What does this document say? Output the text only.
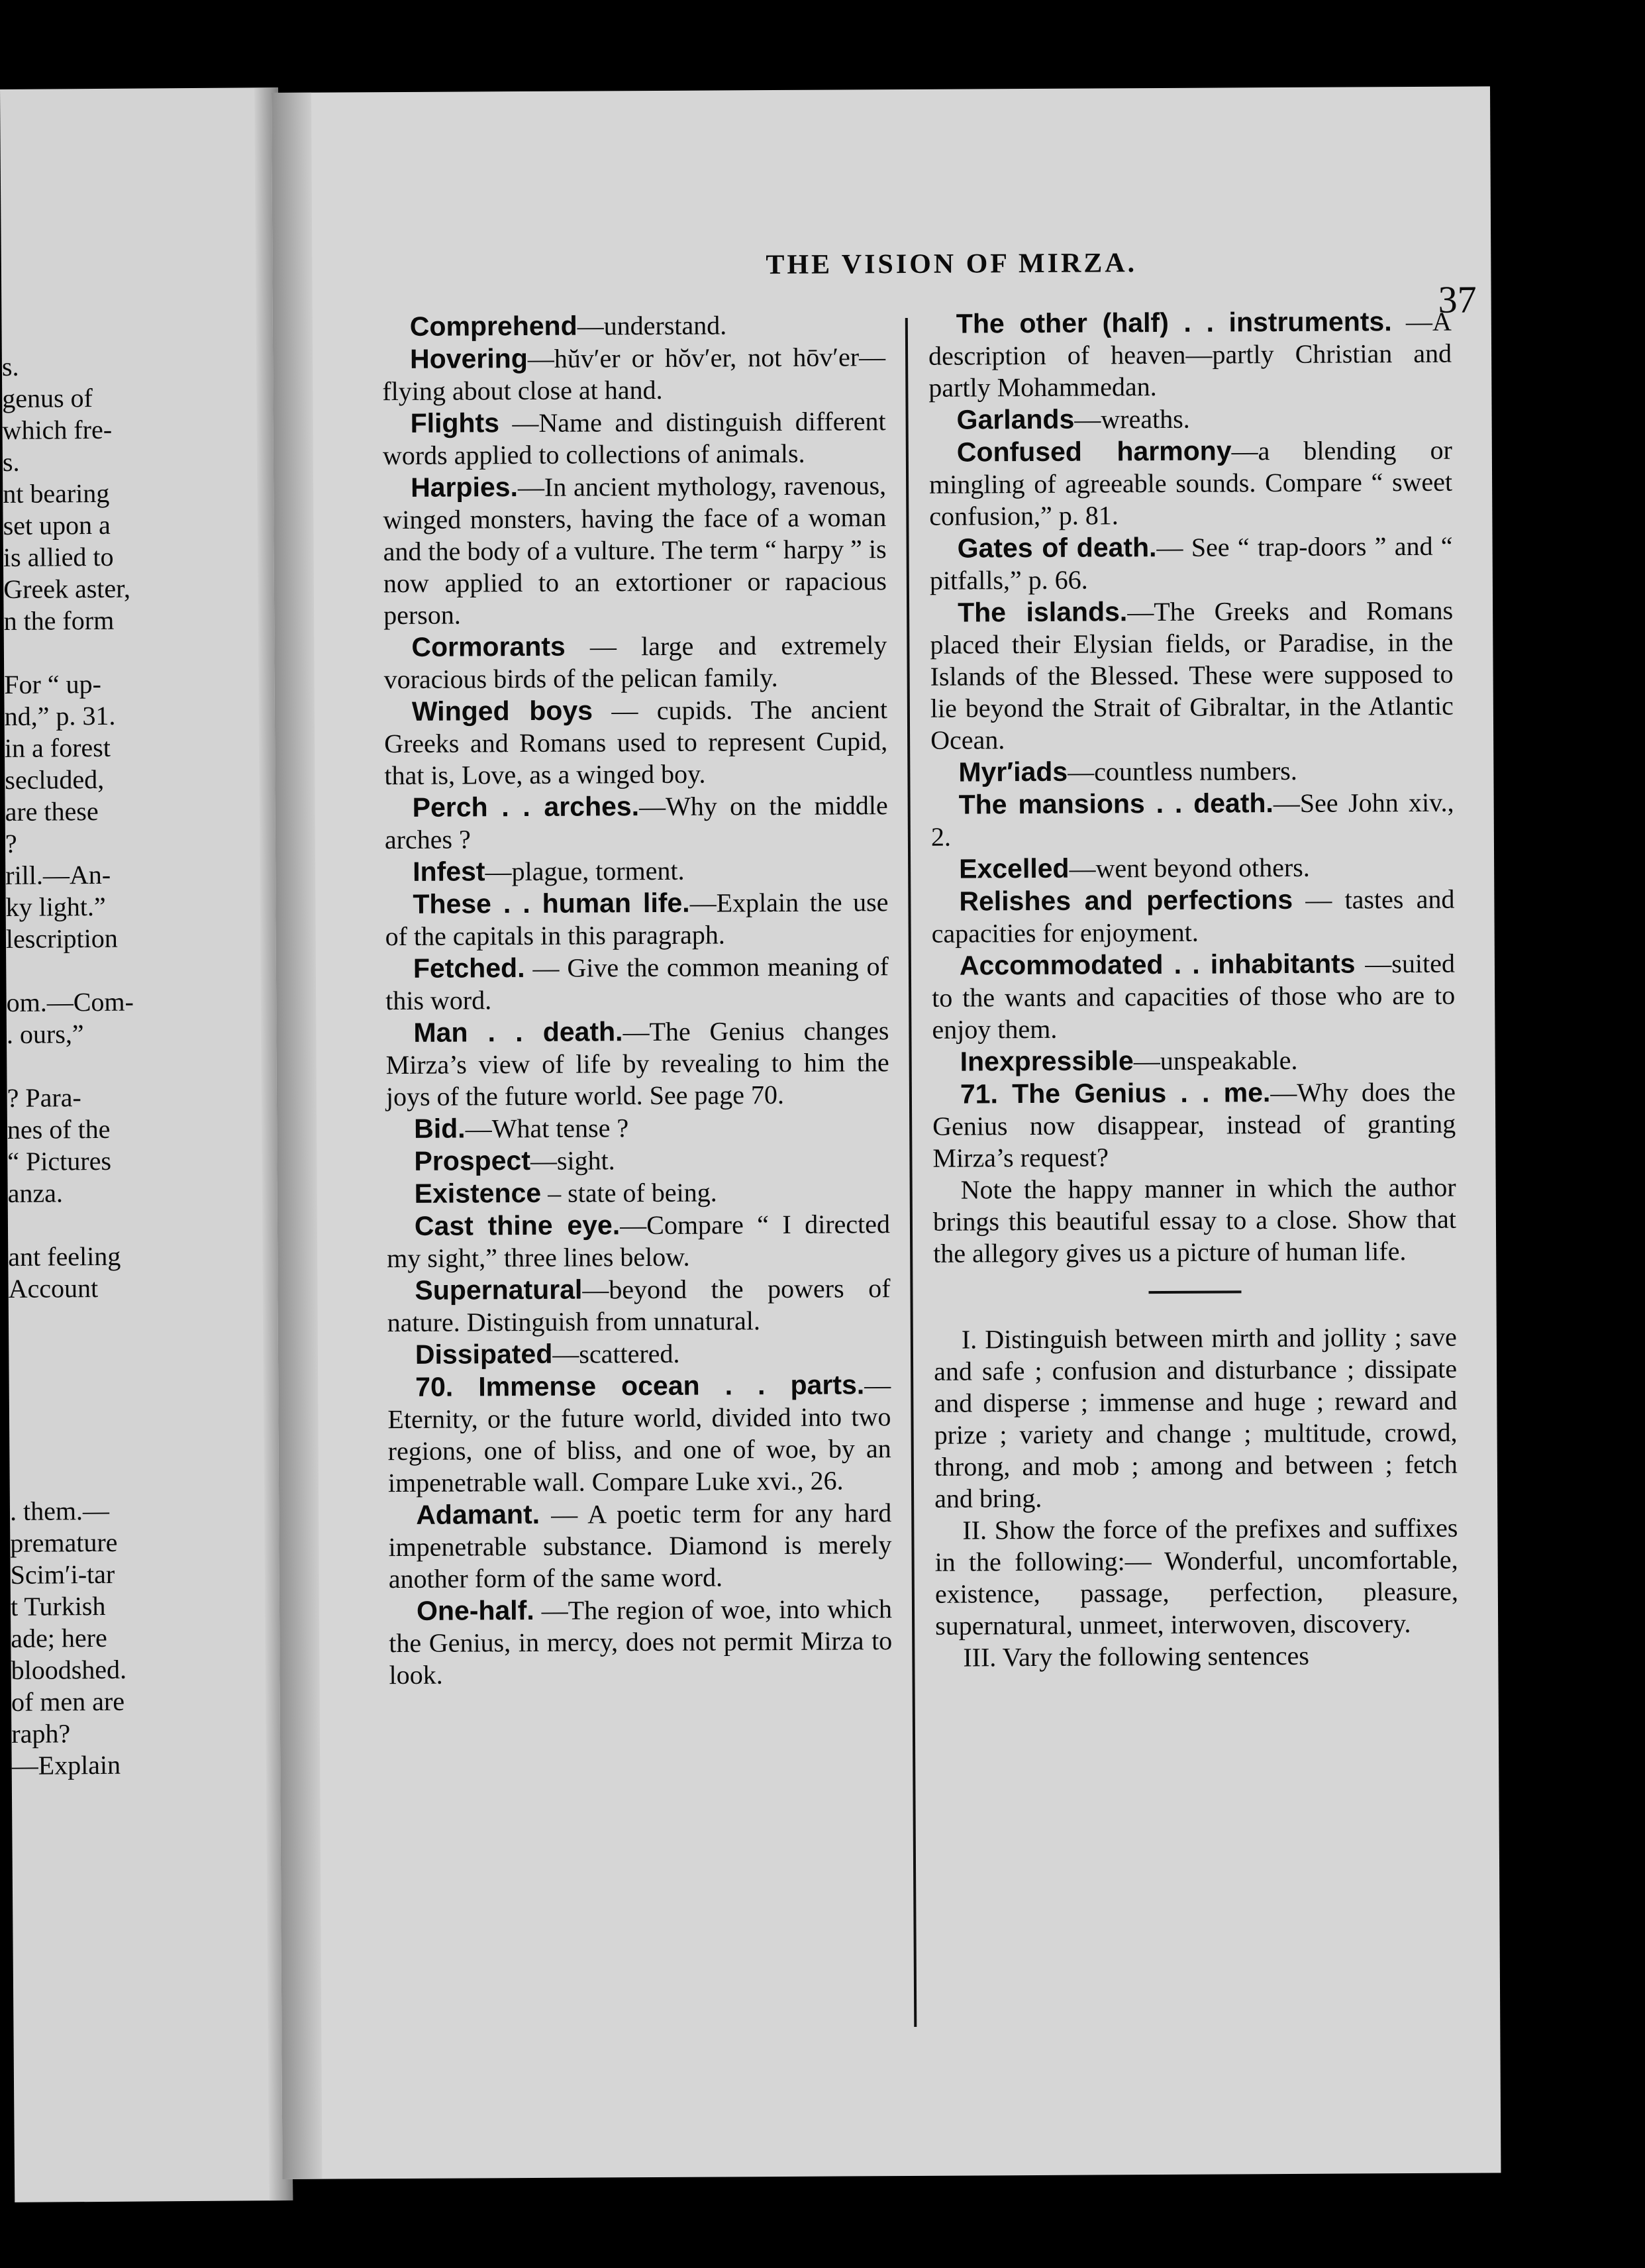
s.
genus of
which fre-
s.
nt bearing
set upon a
is allied to
Greek aster,
n the form
For “ up-
nd,” p. 31.
in a forest
secluded,
are these
?
rill.—An-
ky light.”
lescription
om.—Com-
. ours,”
? Para-
nes of the
“ Pictures
anza.
ant feeling
Account
. them.—
premature
Scim′i-tar
t Turkish
ade; here
bloodshed.
of men are
raph?
—Explain
THE VISION OF MIRZA.
37

Comprehend—understand.

Hovering—hŭv′er or hŏv′er, not hōv′er—flying about close at hand.

Flights —Name and distinguish different words applied to collections of animals.

Harpies.—In ancient mythology, ravenous, winged monsters, having the face of a woman and the body of a vulture. The term “ harpy ” is now applied to an extortioner or rapacious person.

Cormorants — large and extremely voracious birds of the pelican family.

Winged boys — cupids. The ancient Greeks and Romans used to represent Cupid, that is, Love, as a winged boy.

Perch . . arches.—Why on the middle arches ?

Infest—plague, torment.

These . . human life.—Explain the use of the capitals in this paragraph.

Fetched. — Give the common meaning of this word.

Man . . death.—The Genius changes Mirza’s view of life by revealing to him the joys of the future world. See page 70.

Bid.—What tense ?

Prospect—sight.

Existence – state of being.

Cast thine eye.—Compare “ I directed my sight,” three lines below.

Supernatural—beyond the powers of nature. Distinguish from unnatural.

Dissipated—scattered.

70. Immense ocean . . parts.—Eternity, or the future world, divided into two regions, one of bliss, and one of woe, by an impenetrable wall. Compare Luke xvi., 26.

Adamant. — A poetic term for any hard impenetrable substance. Diamond is merely another form of the same word.

One-half. —The region of woe, into which the Genius, in mercy, does not permit Mirza to look.

The other (half) . . instruments. —A description of heaven—partly Christian and partly Mohammedan.

Garlands—wreaths.

Confused harmony—a blending or mingling of agreeable sounds. Compare “ sweet confusion,” p. 81.

Gates of death.— See “ trap-doors ” and “ pitfalls,” p. 66.

The islands.—The Greeks and Romans placed their Elysian fields, or Paradise, in the Islands of the Blessed. These were supposed to lie beyond the Strait of Gibraltar, in the Atlantic Ocean.

Myr′iads—countless numbers.

The mansions . . death.—See John xiv., 2.

Excelled—went beyond others.

Relishes and perfections — tastes and capacities for enjoyment.

Accommodated . . inhabitants —suited to the wants and capacities of those who are to enjoy them.

Inexpressible—unspeakable.

71. The Genius . . me.—Why does the Genius now disappear, instead of granting Mirza’s request?

Note the happy manner in which the author brings this beautiful essay to a close. Show that the allegory gives us a picture of human life.

I. Distinguish between mirth and jollity ; save and safe ; confusion and disturbance ; dissipate and disperse ; immense and huge ; reward and prize ; variety and change ; multitude, crowd, throng, and mob ; among and between ; fetch and bring.

II. Show the force of the prefixes and suffixes in the following:— Wonderful, uncomfortable, existence, passage, perfection, pleasure, supernatural, unmeet, interwoven, discovery.

III. Vary the following sentences
